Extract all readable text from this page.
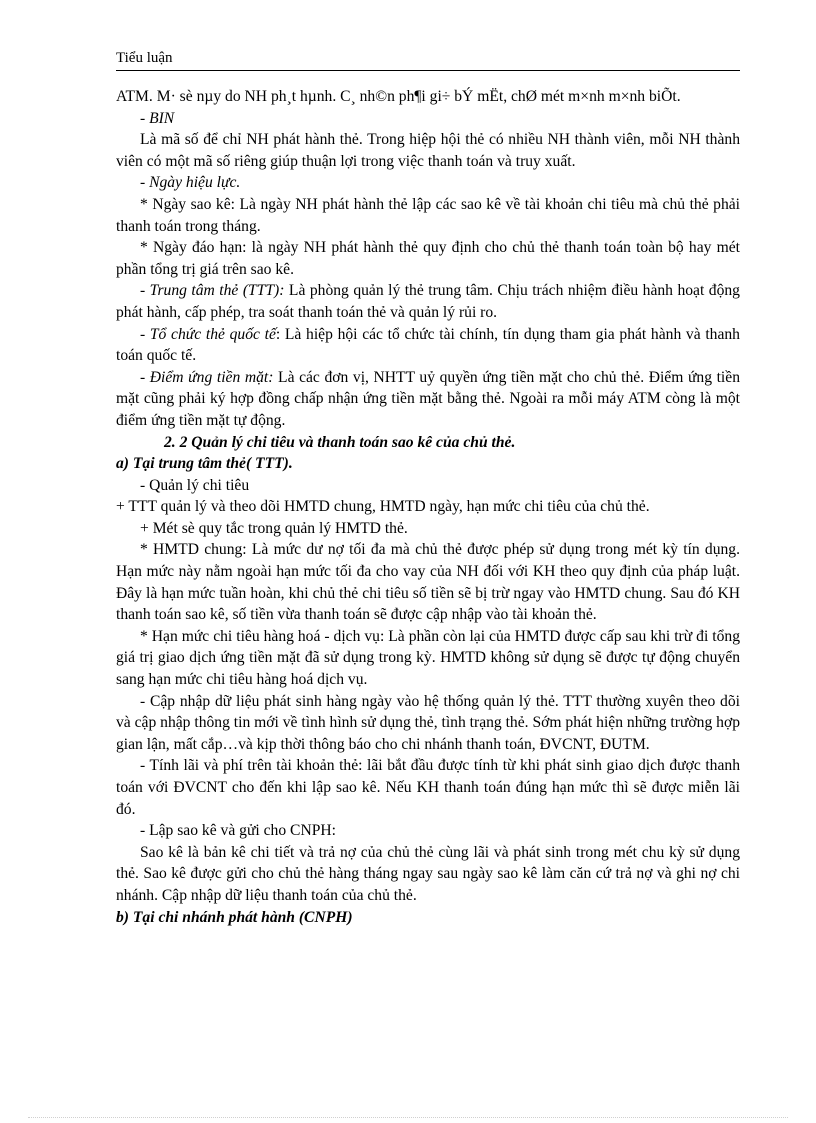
Tiểu luận

ATM. M· sè nµy do NH ph¸t hµnh. C¸ nh©n ph¶i gi÷ bÝ mËt, chØ mét m×nh m×nh biÕt.

- BIN

Là mã số để chỉ NH phát hành thẻ. Trong hiệp hội thẻ có nhiều NH thành viên, mỗi NH thành viên có một mã số riêng giúp thuận lợi trong việc thanh toán và truy xuất.

- Ngày hiệu lực.

* Ngày sao kê: Là ngày NH phát hành thẻ lập các sao kê về tài khoản chi tiêu mà chủ thẻ phải thanh toán trong tháng.

* Ngày đáo hạn: là ngày NH phát hành thẻ quy định cho chủ thẻ thanh toán toàn bộ hay mét phần tổng trị giá trên sao kê.

- Trung tâm thẻ (TTT): Là phòng quản lý thẻ trung tâm. Chịu trách nhiệm điều hành hoạt động phát hành, cấp phép, tra soát thanh toán thẻ và quản lý rủi ro.

- Tổ chức thẻ quốc tế: Là hiệp hội các tổ chức tài chính, tín dụng tham gia phát hành và thanh toán quốc tế.

- Điểm ứng tiền mặt: Là các đơn vị, NHTT uỷ quyền ứng tiền mặt cho chủ thẻ. Điểm ứng tiền mặt cũng phải ký hợp đồng chấp nhận ứng tiền mặt bằng thẻ. Ngoài ra mỗi máy ATM còng là một điểm ứng tiền mặt tự động.

2. 2 Quản lý chi tiêu và thanh toán sao kê của chủ thẻ.

a) Tại trung tâm thẻ( TTT).

- Quản lý chi tiêu

+ TTT quản lý và theo dõi HMTD chung, HMTD ngày, hạn mức chi tiêu của chủ thẻ.

+ Mét sè quy tắc trong quản lý HMTD thẻ.

* HMTD chung: Là mức dư nợ tối đa mà chủ thẻ được phép sử dụng trong mét kỳ tín dụng. Hạn mức này nằm ngoài hạn mức tối đa cho vay của NH đối với KH theo quy định của pháp luật. Đây là hạn mức tuần hoàn, khi chủ thẻ chi tiêu số tiền sẽ bị trừ ngay vào HMTD chung. Sau đó KH thanh toán sao kê, số tiền vừa thanh toán sẽ được cập nhập vào tài khoản thẻ.

* Hạn mức chi tiêu hàng hoá - dịch vụ: Là phần còn lại của HMTD được cấp sau khi trừ đi tổng giá trị giao dịch ứng tiền mặt đã sử dụng trong kỳ. HMTD không sử dụng sẽ được tự động chuyển sang hạn mức chi tiêu hàng hoá dịch vụ.

- Cập nhập dữ liệu phát sinh hàng ngày vào hệ thống quản lý thẻ. TTT thường xuyên theo dõi và cập nhập thông tin mới về tình hình sử dụng thẻ, tình trạng thẻ. Sớm phát hiện những trường hợp gian lận, mất cắp…và kịp thời thông báo cho chi nhánh thanh toán, ĐVCNT, ĐUTM.

- Tính lãi và phí trên tài khoản thẻ: lãi bắt đầu được tính từ khi phát sinh giao dịch được thanh toán với ĐVCNT cho đến khi lập sao kê. Nếu KH thanh toán đúng hạn mức thì sẽ được miễn lãi đó.

- Lập sao kê và gửi cho CNPH:

Sao kê là bản kê chi tiết và trả nợ của chủ thẻ cùng lãi và phát sinh trong mét chu kỳ sử dụng thẻ. Sao kê được gửi cho chủ thẻ hàng tháng ngay sau ngày sao kê làm căn cứ trả nợ và ghi nợ chi nhánh. Cập nhập dữ liệu thanh toán của chủ thẻ.

b) Tại chi nhánh phát hành (CNPH)
